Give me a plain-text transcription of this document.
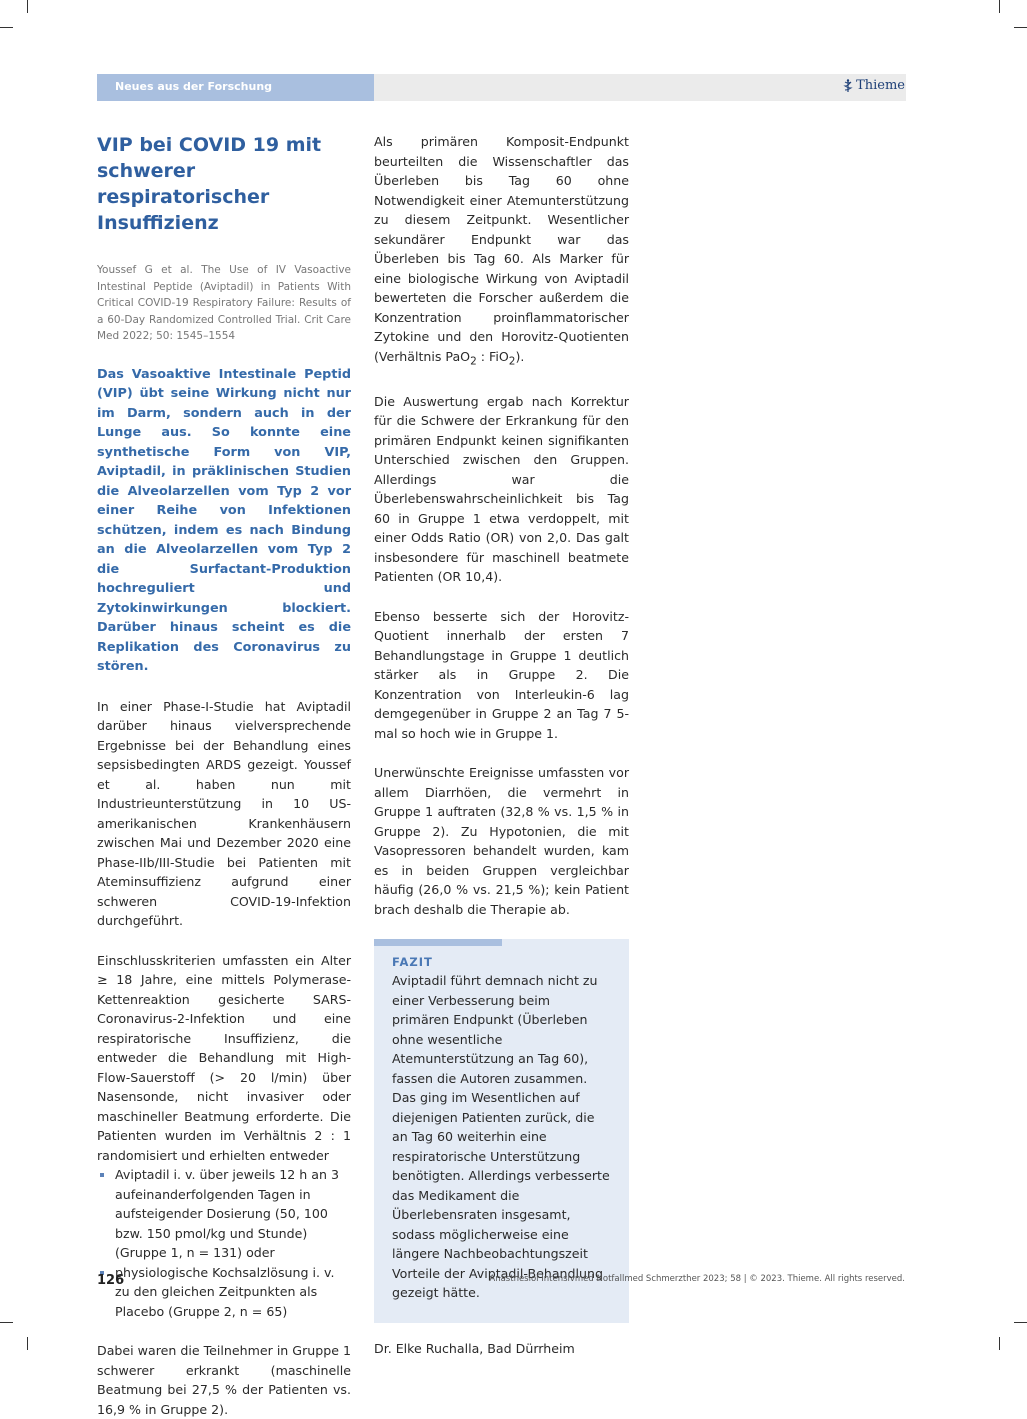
Neues aus der Forschung	Thieme
VIP bei COVID 19 mit schwerer respiratorischer Insuffizienz

Youssef G et al. The Use of IV Vasoactive Intestinal Peptide (Aviptadil) in Patients With Critical COVID-19 Respiratory Failure: Results of a 60-Day Randomized Controlled Trial. Crit Care Med 2022; 50: 1545–1554

Das Vasoaktive Intestinale Peptid (VIP) übt seine Wirkung nicht nur im Darm, sondern auch in der Lunge aus. So konnte eine synthetische Form von VIP, Aviptadil, in präklinischen Studien die Alveolarzellen vom Typ 2 vor einer Reihe von Infektionen schützen, indem es nach Bindung an die Alveolarzellen vom Typ 2 die Surfactant-Produktion hochreguliert und Zytokinwirkungen blockiert. Darüber hinaus scheint es die Replikation des Coronavirus zu stören.

In einer Phase-I-Studie hat Aviptadil darüber hinaus vielversprechende Ergebnisse bei der Behandlung eines sepsisbedingten ARDS gezeigt. Youssef et al. haben nun mit Industrieunterstützung in 10 US-amerikanischen Krankenhäusern zwischen Mai und Dezember 2020 eine Phase-IIb/III-Studie bei Patienten mit Ateminsuffizienz aufgrund einer schweren COVID-19-Infektion durchgeführt.

Einschlusskriterien umfassten ein Alter ≥ 18 Jahre, eine mittels Polymerase-Kettenreaktion gesicherte SARS-Coronavirus-2-Infektion und eine respiratorische Insuffizienz, die entweder die Behandlung mit High-Flow-Sauerstoff (> 20 l/min) über Nasensonde, nicht invasiver oder maschineller Beatmung erforderte. Die Patienten wurden im Verhältnis 2 : 1 randomisiert und erhielten entweder

Aviptadil i. v. über jeweils 12 h an 3 aufeinanderfolgenden Tagen in aufsteigender Dosierung (50, 100 bzw. 150 pmol/kg und Stunde) (Gruppe 1, n = 131) oder
physiologische Kochsalzlösung i. v. zu den gleichen Zeitpunkten als Placebo (Gruppe 2, n = 65)

Dabei waren die Teilnehmer in Gruppe 1 schwerer erkrankt (maschinelle Beatmung bei 27,5 % der Patienten vs. 16,9 % in Gruppe 2).

Als primären Komposit-Endpunkt beurteilten die Wissenschaftler das Überleben bis Tag 60 ohne Notwendigkeit einer Atemunterstützung zu diesem Zeitpunkt. Wesentlicher sekundärer Endpunkt war das Überleben bis Tag 60. Als Marker für eine biologische Wirkung von Aviptadil bewerteten die Forscher außerdem die Konzentration proinflammatorischer Zytokine und den Horovitz-Quotienten (Verhältnis PaO$_2$ : FiO$_2$).

Die Auswertung ergab nach Korrektur für die Schwere der Erkrankung für den primären Endpunkt keinen signifikanten Unterschied zwischen den Gruppen. Allerdings war die Überlebenswahrscheinlichkeit bis Tag 60 in Gruppe 1 etwa verdoppelt, mit einer Odds Ratio (OR) von 2,0. Das galt insbesondere für maschinell beatmete Patienten (OR 10,4).

Ebenso besserte sich der Horovitz-Quotient innerhalb der ersten 7 Behandlungstage in Gruppe 1 deutlich stärker als in Gruppe 2. Die Konzentration von Interleukin-6 lag demgegenüber in Gruppe 2 an Tag 7 5-mal so hoch wie in Gruppe 1.

Unerwünschte Ereignisse umfassten vor allem Diarrhöen, die vermehrt in Gruppe 1 auftraten (32,8 % vs. 1,5 % in Gruppe 2). Zu Hypotonien, die mit Vasopressoren behandelt wurden, kam es in beiden Gruppen vergleichbar häufig (26,0 % vs. 21,5 %); kein Patient brach deshalb die Therapie ab.

FAZIT

Aviptadil führt demnach nicht zu einer Verbesserung beim primären Endpunkt (Überleben ohne wesentliche Atemunterstützung an Tag 60), fassen die Autoren zusammen. Das ging im Wesentlichen auf diejenigen Patienten zurück, die an Tag 60 weiterhin eine respiratorische Unterstützung benötigten. Allerdings verbesserte das Medikament die Überlebensraten insgesamt, sodass möglicherweise eine längere Nachbeobachtungszeit Vorteile der Aviptadil-Behandlung gezeigt hätte.

Dr. Elke Ruchalla, Bad Dürrheim

126	Anästhesiol Intensivmed Notfallmed Schmerzther 2023; 58 | © 2023. Thieme. All rights reserved.
